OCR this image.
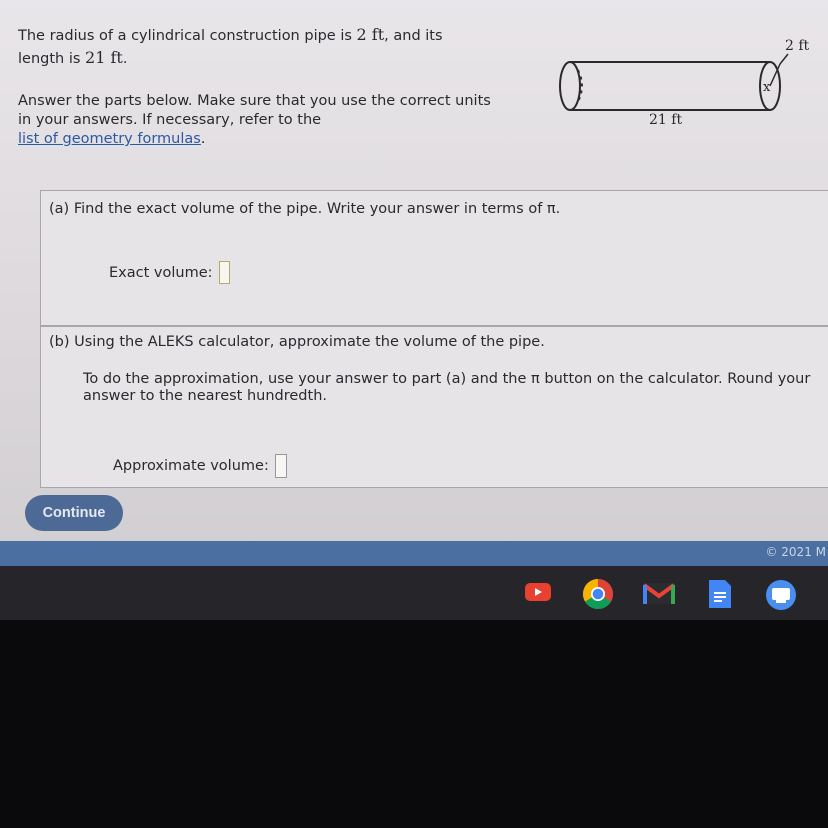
The radius of a cylindrical construction pipe is 2 ft, and its
length is 21 ft.
Answer the parts below. Make sure that you use the correct units in your answers. If necessary, refer to the
list of geometry formulas.
2 ft
x
21 ft
(a) Find the exact volume of the pipe. Write your answer in terms of π.
Exact volume:
(b) Using the ALEKS calculator, approximate the volume of the pipe.
To do the approximation, use your answer to part (a) and the π button on the calculator. Round your answer to the nearest hundredth.
Approximate volume:
Continue
© 2021 M
